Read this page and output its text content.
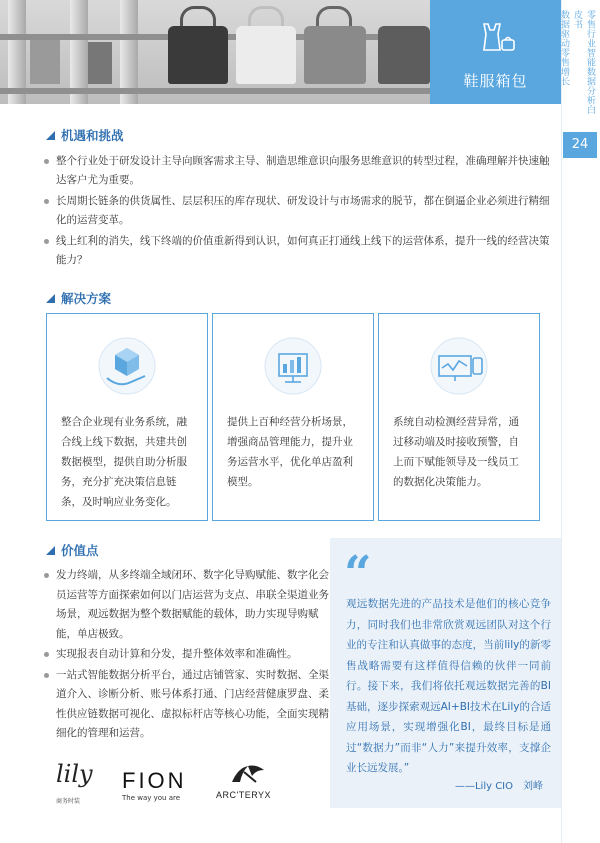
鞋服箱包	零售行业智能数据分析白皮书
数据驱动零售增长
24
机遇和挑战
整个行业处于研发设计主导向顾客需求主导、制造思维意识向服务思维意识的转型过程，准确理解并快速触达客户尤为重要。
长周期长链条的供货属性、层层积压的库存现状、研发设计与市场需求的脱节，都在倒逼企业必须进行精细化的运营变革。
线上红利的消失，线下终端的价值重新得到认识，如何真正打通线上线下的运营体系，提升一线的经营决策能力？
解决方案
整合企业现有业务系统，融合线上线下数据，共建共创数据模型，提供自助分析服务，充分扩充决策信息链条，及时响应业务变化。
提供上百种经营分析场景，增强商品管理能力，提升业务运营水平，优化单店盈利模型。
系统自动检测经营异常，通过移动端及时接收预警，自上而下赋能领导及一线员工的数据化决策能力。
价值点
发力终端，从多终端全域闭环、数字化导购赋能、数字化会员运营等方面探索如何以门店运营为支点、串联全渠道业务场景，观远数据为整个数据赋能的载体，助力实现导购赋能，单店极致。
实现报表自动计算和分发，提升整体效率和准确性。
一站式智能数据分析平台，通过店铺管家、实时数据、全渠道介入、诊断分析、账号体系打通、门店经营健康罗盘、柔性供应链数据可视化、虚拟标杆店等核心功能，全面实现精细化的管理和运营。
“
观远数据先进的产品技术是他们的核心竞争力，同时我们也非常欣赏观远团队对这个行业的专注和认真做事的态度，当前lily的新零售战略需要有这样值得信赖的伙伴一同前行。接下来，我们将依托观远数据完善的BI基础，逐步探索观远AI+BI技术在Lily的合适应用场景，实现增强化BI，最终目标是通过“数据力”而非“人力”来提升效率，支撑企业长远发展。”
——Lily CIO　刘峰
lily
商务时装
FION
The way you are	ARC'TERYX
